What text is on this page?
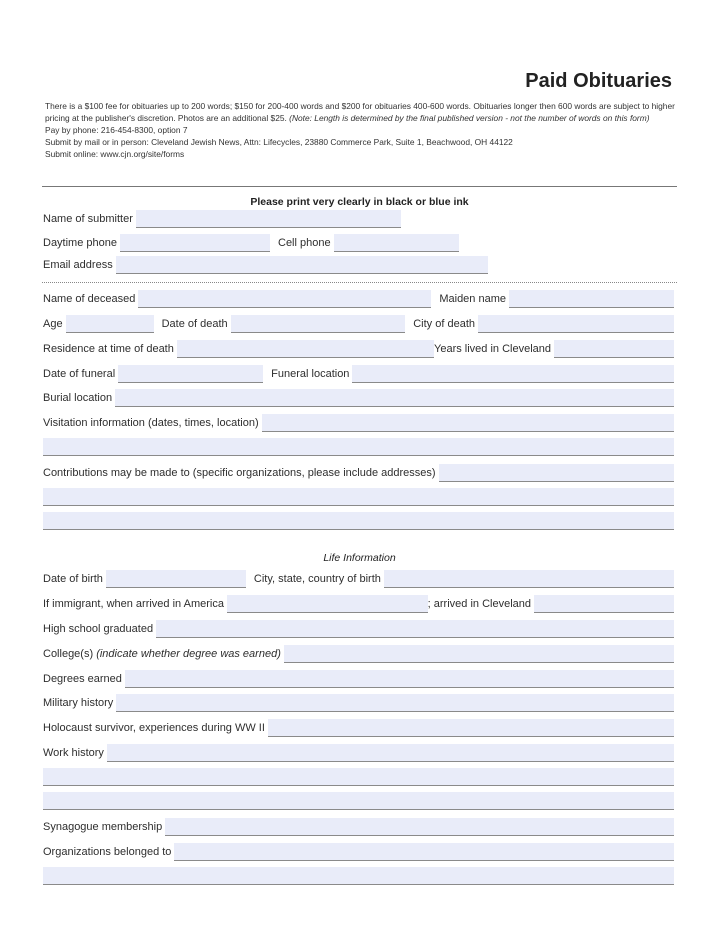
Paid Obituaries
There is a $100 fee for obituaries up to 200 words; $150 for 200-400 words and $200 for obituaries 400-600 words. Obituaries longer then 600 words are subject to higher pricing at the publisher's discretion. Photos are an additional $25. (Note: Length is determined by the final published version - not the number of words on this form)
Pay by phone: 216-454-8300, option 7
Submit by mail or in person: Cleveland Jewish News, Attn: Lifecycles, 23880 Commerce Park, Suite 1, Beachwood, OH 44122
Submit online: www.cjn.org/site/forms
Please print very clearly in black or blue ink
Name of submitter
Daytime phone	Cell phone
Email address
Name of deceased	Maiden name
Age	Date of death	City of death
Residence at time of death	Years lived in Cleveland
Date of funeral	Funeral location
Burial location
Visitation information (dates, times, location)
Contributions may be made to (specific organizations, please include addresses)
Life Information
Date of birth	City, state, country of birth
If immigrant, when arrived in America	; arrived in Cleveland
High school graduated
College(s) (indicate whether degree was earned)
Degrees earned
Military history
Holocaust survivor, experiences during WW II
Work history
Synagogue membership
Organizations belonged to
